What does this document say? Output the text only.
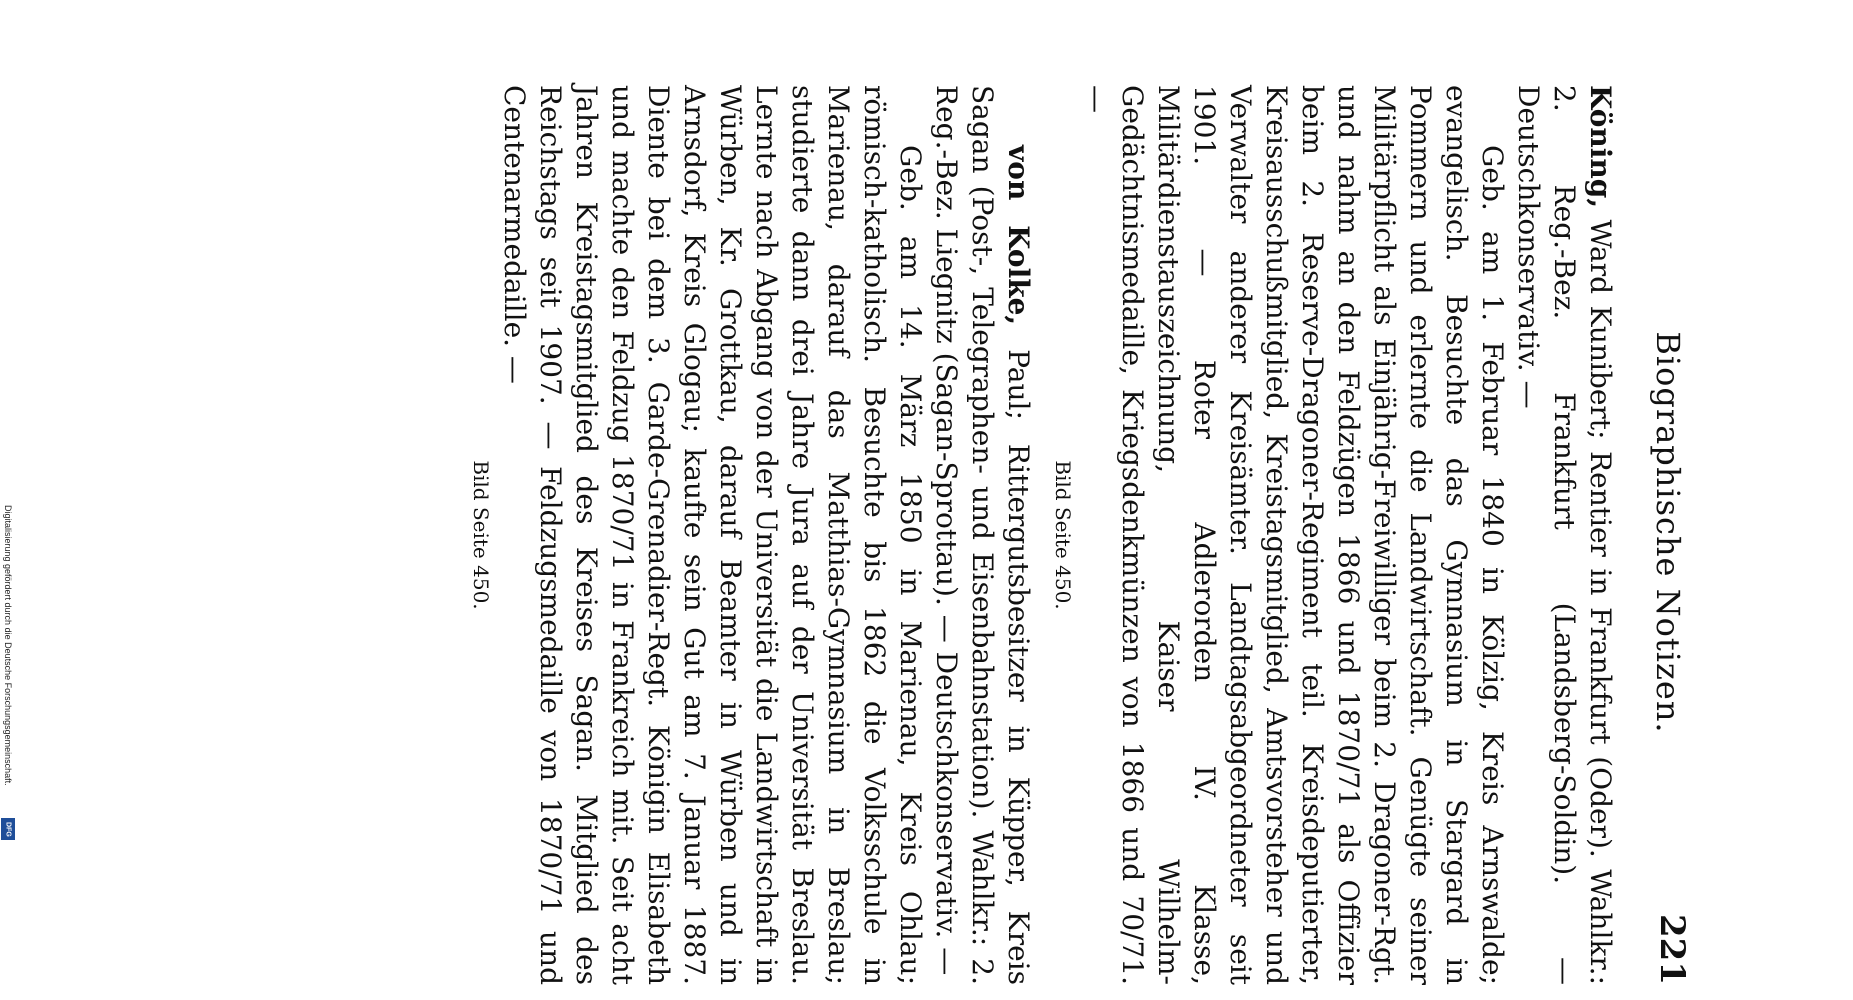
Biographische Notizen.
221

Köning, Ward Kunibert; Rentier in Frankfurt (Oder). Wahlkr.: 2. Reg.-Bez. Frankfurt (Landsberg-Soldin). — Deutschkonservativ. —

Geb. am 1. Februar 1840 in Kölzig, Kreis Arnswalde; evangelisch. Besuchte das Gymnasium in Stargard in Pommern und erlernte die Landwirtschaft. Genügte seiner Militärpflicht als Einjährig-Freiwilliger beim 2. Dragoner-Rgt. und nahm an den Feldzügen 1866 und 1870/71 als Offizier beim 2. Reserve-Dragoner-Regiment teil. Kreisdeputierter, Kreisausschußmitglied, Kreistagsmitglied, Amtsvorsteher und Verwalter anderer Kreisämter. Landtagsabgeordneter seit 1901. — Roter Adlerorden IV. Klasse, Militärdienstauszeichnung, Kaiser Wilhelm-Gedächtnismedaille, Kriegsdenkmünzen von 1866 und 70/71. —

Bild Seite 450.

von Kolke, Paul; Rittergutsbesitzer in Küpper, Kreis Sagan (Post-, Telegraphen- und Eisenbahnstation). Wahlkr.: 2. Reg.-Bez. Liegnitz (Sagan-Sprottau). — Deutschkonservativ. —

Geb. am 14. März 1850 in Marienau, Kreis Ohlau; römisch-katholisch. Besuchte bis 1862 die Volksschule in Marienau, darauf das Matthias-Gymnasium in Breslau; studierte dann drei Jahre Jura auf der Universität Breslau. Lernte nach Abgang von der Universität die Landwirtschaft in Würben, Kr. Grottkau, darauf Beamter in Würben und in Arnsdorf, Kreis Glogau; kaufte sein Gut am 7. Januar 1887. Diente bei dem 3. Garde-Grenadier-Regt. Königin Elisabeth und machte den Feldzug 1870/71 in Frankreich mit. Seit acht Jahren Kreistagsmitglied des Kreises Sagan. Mitglied des Reichstags seit 1907. — Feldzugsmedaille von 1870/71 und Centenarmedaille. —

Bild Seite 450.
Digitalisierung gefördert durch die Deutsche Forschungsgemeinschaft.
DFG
